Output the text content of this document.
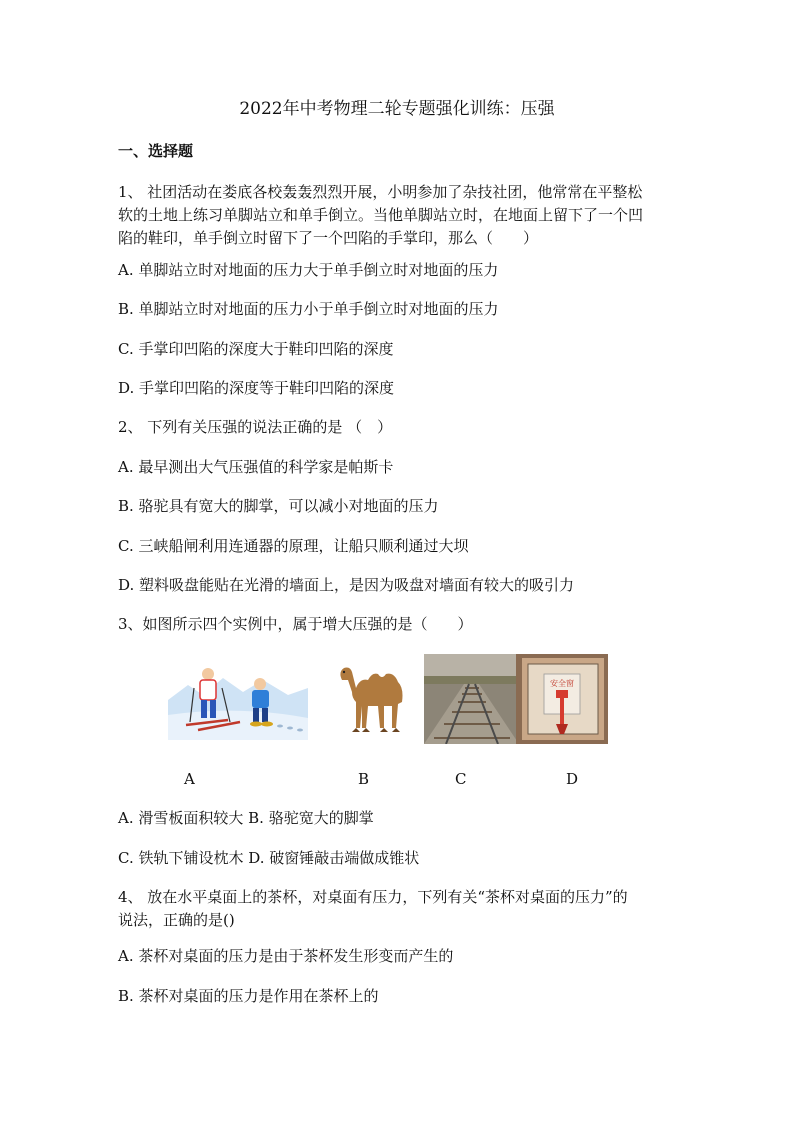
2022年中考物理二轮专题强化训练：压强
一、选择题
1、 社团活动在娄底各校轰轰烈烈开展，小明参加了杂技社团，他常常在平整松
软的土地上练习单脚站立和单手倒立。当他单脚站立时，在地面上留下了一个凹
陷的鞋印，单手倒立时留下了一个凹陷的手掌印，那么（　　）
A. 单脚站立时对地面的压力大于单手倒立时对地面的压力
B. 单脚站立时对地面的压力小于单手倒立时对地面的压力
C. 手掌印凹陷的深度大于鞋印凹陷的深度
D. 手掌印凹陷的深度等于鞋印凹陷的深度
2、 下列有关压强的说法正确的是 （　）
A. 最早测出大气压强值的科学家是帕斯卡
B. 骆驼具有宽大的脚掌，可以减小对地面的压力
C. 三峡船闸利用连通器的原理，让船只顺利通过大坝
D. 塑料吸盘能贴在光滑的墙面上，是因为吸盘对墙面有较大的吸引力
3、如图所示四个实例中，属于增大压强的是（　　）
安全窗
A	B	C	D
A. 滑雪板面积较大 B. 骆驼宽大的脚掌
C. 铁轨下铺设枕木 D. 破窗锤敲击端做成锥状
4、 放在水平桌面上的茶杯，对桌面有压力，下列有关“茶杯对桌面的压力”的
说法，正确的是()
A. 茶杯对桌面的压力是由于茶杯发生形变而产生的
B. 茶杯对桌面的压力是作用在茶杯上的
